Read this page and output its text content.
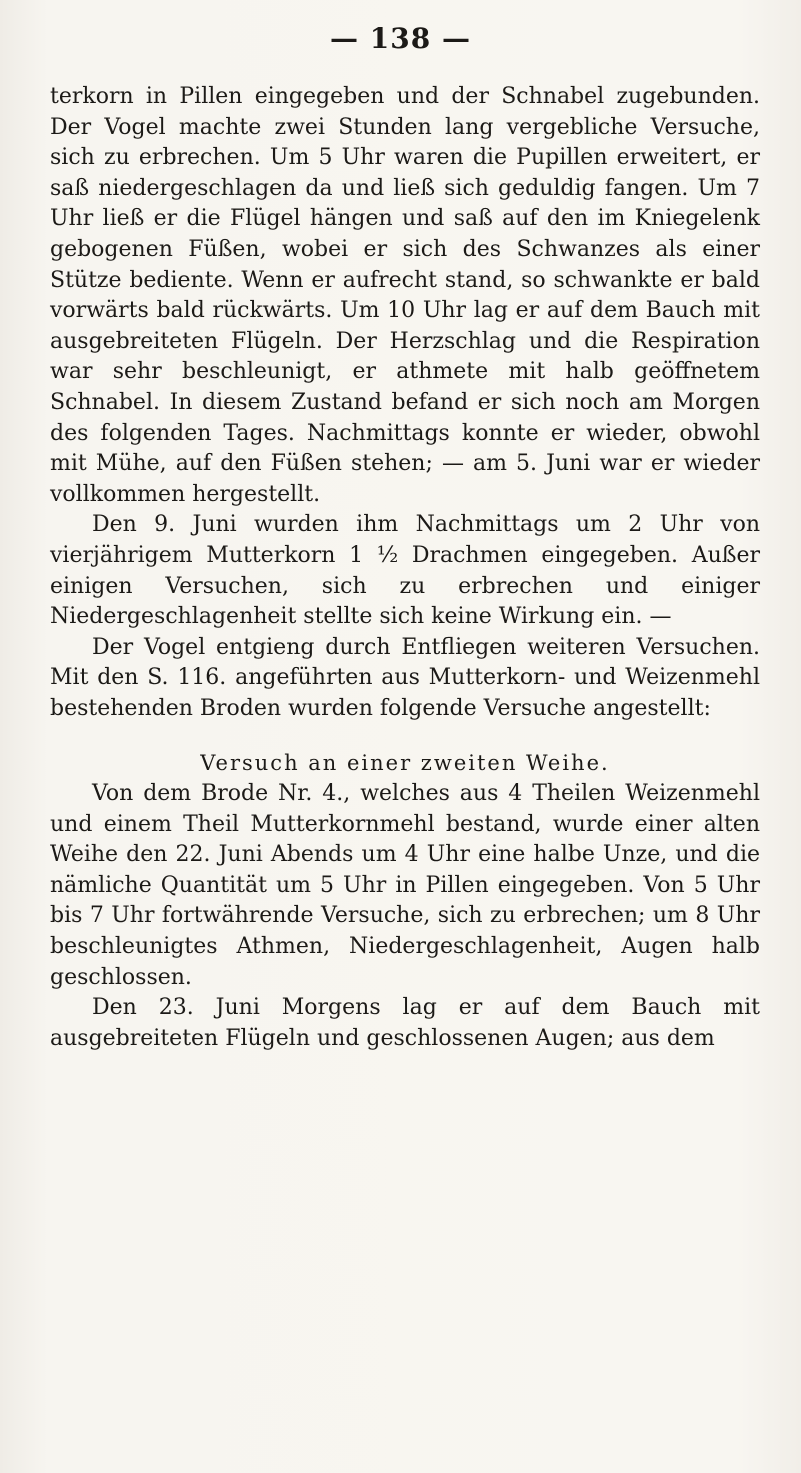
— 138 —

terkorn in Pillen eingegeben und der Schnabel zugebunden. Der Vogel machte zwei Stunden lang vergebliche Versuche, sich zu erbrechen. Um 5 Uhr waren die Pupillen erweitert, er saß niedergeschlagen da und ließ sich geduldig fangen. Um 7 Uhr ließ er die Flügel hängen und saß auf den im Kniegelenk gebogenen Füßen, wobei er sich des Schwanzes als einer Stütze bediente. Wenn er aufrecht stand, so schwankte er bald vorwärts bald rückwärts. Um 10 Uhr lag er auf dem Bauch mit ausgebreiteten Flügeln. Der Herzschlag und die Respiration war sehr beschleunigt, er athmete mit halb geöffnetem Schnabel. In diesem Zustand befand er sich noch am Morgen des folgenden Tages. Nachmittags konnte er wieder, obwohl mit Mühe, auf den Füßen stehen; — am 5. Juni war er wieder vollkommen hergestellt.

Den 9. Juni wurden ihm Nachmittags um 2 Uhr von vierjährigem Mutterkorn 1 ½ Drachmen eingegeben. Außer einigen Versuchen, sich zu erbrechen und einiger Niedergeschlagenheit stellte sich keine Wirkung ein. —

Der Vogel entgieng durch Entfliegen weiteren Versuchen. Mit den S. 116. angeführten aus Mutterkorn- und Weizenmehl bestehenden Broden wurden folgende Versuche angestellt:

Versuch an einer zweiten Weihe.

Von dem Brode Nr. 4., welches aus 4 Theilen Weizenmehl und einem Theil Mutterkornmehl bestand, wurde einer alten Weihe den 22. Juni Abends um 4 Uhr eine halbe Unze, und die nämliche Quantität um 5 Uhr in Pillen eingegeben. Von 5 Uhr bis 7 Uhr fortwährende Versuche, sich zu erbrechen; um 8 Uhr beschleunigtes Athmen, Niedergeschlagenheit, Augen halb geschlossen.

Den 23. Juni Morgens lag er auf dem Bauch mit ausgebreiteten Flügeln und geschlossenen Augen; aus dem
